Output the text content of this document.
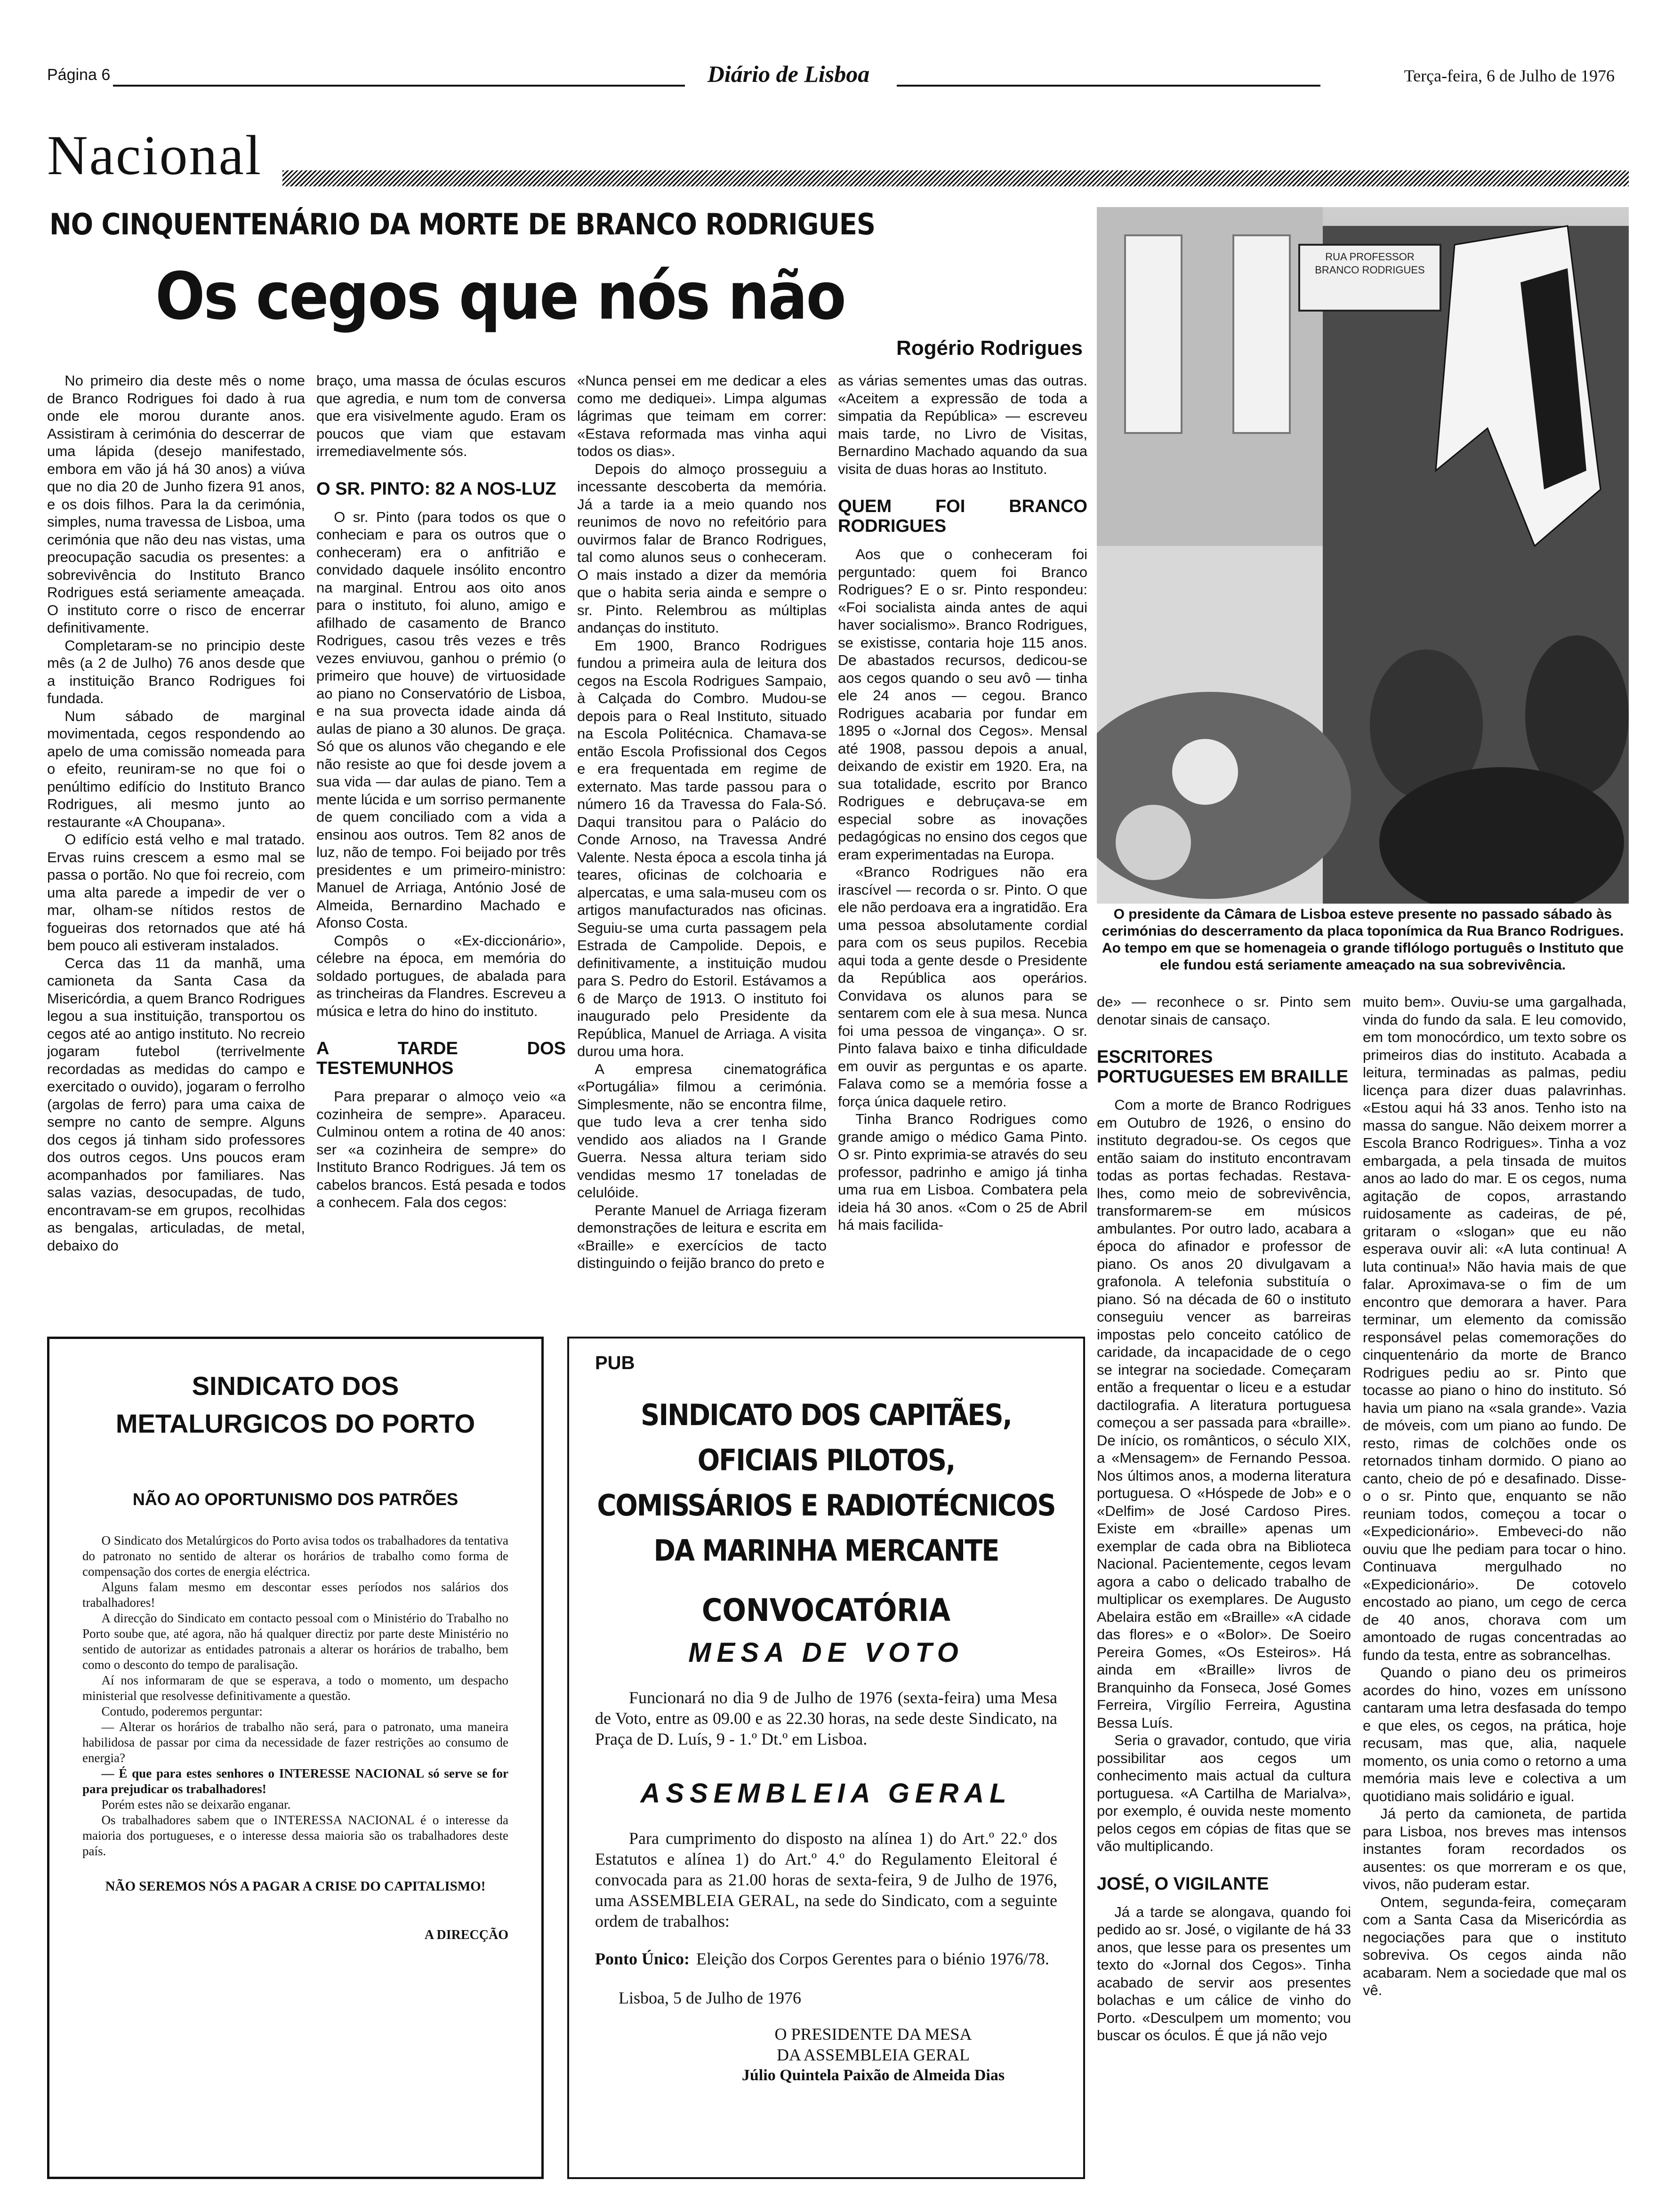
Página 6	Diário de Lisboa	Terça-feira, 6 de Julho de 1976
Nacional
NO CINQUENTENÁRIO DA MORTE DE BRANCO RODRIGUES
Os cegos que nós não
Rogério Rodrigues

No primeiro dia deste mês o nome de Branco Rodrigues foi dado à rua onde ele morou durante anos. Assistiram à cerimónia do descerrar de uma lápida (desejo manifestado, embora em vão já há 30 anos) a viúva que no dia 20 de Junho fizera 91 anos, e os dois filhos. Para la da cerimónia, simples, numa travessa de Lisboa, uma cerimónia que não deu nas vistas, uma preocupação sacudia os presentes: a sobrevivência do Instituto Branco Rodrigues está seriamente ameaçada. O instituto corre o risco de encerrar definitivamente.

Completaram-se no principio deste mês (a 2 de Julho) 76 anos desde que a instituição Branco Rodrigues foi fundada.

Num sábado de marginal movimentada, cegos respondendo ao apelo de uma comissão nomeada para o efeito, reuniram-se no que foi o penúltimo edifício do Instituto Branco Rodrigues, ali mesmo junto ao restaurante «A Choupana».

O edifício está velho e mal tratado. Ervas ruins crescem a esmo mal se passa o portão. No que foi recreio, com uma alta parede a impedir de ver o mar, olham-se nítidos restos de fogueiras dos retornados que até há bem pouco ali estiveram instalados.

Cerca das 11 da manhã, uma camioneta da Santa Casa da Misericórdia, a quem Branco Rodrigues legou a sua instituição, transportou os cegos até ao antigo instituto. No recreio jogaram futebol (terrivelmente recordadas as medidas do campo e exercitado o ouvido), jogaram o ferrolho (argolas de ferro) para uma caixa de sempre no canto de sempre. Alguns dos cegos já tinham sido professores dos outros cegos. Uns poucos eram acompanhados por familiares. Nas salas vazias, desocupadas, de tudo, encontravam-se em grupos, recolhidas as bengalas, articuladas, de metal, debaixo do

braço, uma massa de óculas escuros que agredia, e num tom de conversa que era visivelmente agudo. Eram os poucos que viam que estavam irremediavelmente sós.

O SR. PINTO: 82 A NOS-LUZ

O sr. Pinto (para todos os que o conheciam e para os outros que o conheceram) era o anfitrião e convidado daquele insólito encontro na marginal. Entrou aos oito anos para o instituto, foi aluno, amigo e afilhado de casamento de Branco Rodrigues, casou três vezes e três vezes enviuvou, ganhou o prémio (o primeiro que houve) de virtuosidade ao piano no Conservatório de Lisboa, e na sua provecta idade ainda dá aulas de piano a 30 alunos. De graça. Só que os alunos vão chegando e ele não resiste ao que foi desde jovem a sua vida — dar aulas de piano. Tem a mente lúcida e um sorriso permanente de quem conciliado com a vida a ensinou aos outros. Tem 82 anos de luz, não de tempo. Foi beijado por três presidentes e um primeiro-ministro: Manuel de Arriaga, António José de Almeida, Bernardino Machado e Afonso Costa.

Compôs o «Ex-diccionário», célebre na época, em memória do soldado portugues, de abalada para as trincheiras da Flandres. Escreveu a música e letra do hino do instituto.

A TARDE DOS TESTEMUNHOS

Para preparar o almoço veio «a cozinheira de sempre». Aparaceu. Culminou ontem a rotina de 40 anos: ser «a cozinheira de sempre» do Instituto Branco Rodrigues. Já tem os cabelos brancos. Está pesada e todos a conhecem. Fala dos cegos:

«Nunca pensei em me dedicar a eles como me dediquei». Limpa algumas lágrimas que teimam em correr: «Estava reformada mas vinha aqui todos os dias».

Depois do almoço prosseguiu a incessante descoberta da memória. Já a tarde ia a meio quando nos reunimos de novo no refeitório para ouvirmos falar de Branco Rodrigues, tal como alunos seus o conheceram. O mais instado a dizer da memória que o habita seria ainda e sempre o sr. Pinto. Relembrou as múltiplas andanças do instituto.

Em 1900, Branco Rodrigues fundou a primeira aula de leitura dos cegos na Escola Rodrigues Sampaio, à Calçada do Combro. Mudou-se depois para o Real Instituto, situado na Escola Politécnica. Chamava-se então Escola Profissional dos Cegos e era frequentada em regime de externato. Mas tarde passou para o número 16 da Travessa do Fala-Só. Daqui transitou para o Palácio do Conde Arnoso, na Travessa André Valente. Nesta época a escola tinha já teares, oficinas de colchoaria e alpercatas, e uma sala-museu com os artigos manufacturados nas oficinas. Seguiu-se uma curta passagem pela Estrada de Campolide. Depois, e definitivamente, a instituição mudou para S. Pedro do Estoril. Estávamos a 6 de Março de 1913. O instituto foi inaugurado pelo Presidente da República, Manuel de Arriaga. A visita durou uma hora.

A empresa cinematográfica «Portugália» filmou a cerimónia. Simplesmente, não se encontra filme, que tudo leva a crer tenha sido vendido aos aliados na I Grande Guerra. Nessa altura teriam sido vendidas mesmo 17 toneladas de celulóide.

Perante Manuel de Arriaga fizeram demonstrações de leitura e escrita em «Braille» e exercícios de tacto distinguindo o feijão branco do preto e

as várias sementes umas das outras. «Aceitem a expressão de toda a simpatia da República» — escreveu mais tarde, no Livro de Visitas, Bernardino Machado aquando da sua visita de duas horas ao Instituto.

QUEM FOI BRANCO RODRIGUES

Aos que o conheceram foi perguntado: quem foi Branco Rodrigues? E o sr. Pinto respondeu: «Foi socialista ainda antes de aqui haver socialismo». Branco Rodrigues, se existisse, contaria hoje 115 anos. De abastados recursos, dedicou-se aos cegos quando o seu avô — tinha ele 24 anos — cegou. Branco Rodrigues acabaria por fundar em 1895 o «Jornal dos Cegos». Mensal até 1908, passou depois a anual, deixando de existir em 1920. Era, na sua totalidade, escrito por Branco Rodrigues e debruçava-se em especial sobre as inovações pedagógicas no ensino dos cegos que eram experimentadas na Europa.

«Branco Rodrigues não era irascível — recorda o sr. Pinto. O que ele não perdoava era a ingratidão. Era uma pessoa absolutamente cordial para com os seus pupilos. Recebia aqui toda a gente desde o Presidente da República aos operários. Convidava os alunos para se sentarem com ele à sua mesa. Nunca foi uma pessoa de vingança». O sr. Pinto falava baixo e tinha dificuldade em ouvir as perguntas e os aparte. Falava como se a memória fosse a força única daquele retiro.

Tinha Branco Rodrigues como grande amigo o médico Gama Pinto. O sr. Pinto exprimia-se através do seu professor, padrinho e amigo já tinha uma rua em Lisboa. Combatera pela ideia há 30 anos. «Com o 25 de Abril há mais facilida-

RUA PROFESSOR BRANCO RODRIGUES
O presidente da Câmara de Lisboa esteve presente no passado sábado às cerimónias do descerramento da placa toponímica da Rua Branco Rodrigues. Ao tempo em que se homenageia o grande tiflólogo português o Instituto que ele fundou está seriamente ameaçado na sua sobrevivência.

de» — reconhece o sr. Pinto sem denotar sinais de cansaço.

ESCRITORES PORTUGUESES EM BRAILLE

Com a morte de Branco Rodrigues em Outubro de 1926, o ensino do instituto degradou-se. Os cegos que então saiam do instituto encontravam todas as portas fechadas. Restava-lhes, como meio de sobrevivência, transformarem-se em músicos ambulantes. Por outro lado, acabara a época do afinador e professor de piano. Os anos 20 divulgavam a grafonola. A telefonia substituía o piano. Só na década de 60 o instituto conseguiu vencer as barreiras impostas pelo conceito católico de caridade, da incapacidade de o cego se integrar na sociedade. Começaram então a frequentar o liceu e a estudar dactilografia. A literatura portuguesa começou a ser passada para «braille». De início, os românticos, o século XIX, a «Mensagem» de Fernando Pessoa. Nos últimos anos, a moderna literatura portuguesa. O «Hóspede de Job» e o «Delfim» de José Cardoso Pires. Existe em «braille» apenas um exemplar de cada obra na Biblioteca Nacional. Pacientemente, cegos levam agora a cabo o delicado trabalho de multiplicar os exemplares. De Augusto Abelaira estão em «Braille» «A cidade das flores» e o «Bolor». De Soeiro Pereira Gomes, «Os Esteiros». Há ainda em «Braille» livros de Branquinho da Fonseca, José Gomes Ferreira, Virgílio Ferreira, Agustina Bessa Luís.

Seria o gravador, contudo, que viria possibilitar aos cegos um conhecimento mais actual da cultura portuguesa. «A Cartilha de Marialva», por exemplo, é ouvida neste momento pelos cegos em cópias de fitas que se vão multiplicando.

JOSÉ, O VIGILANTE

Já a tarde se alongava, quando foi pedido ao sr. José, o vigilante de há 33 anos, que lesse para os presentes um texto do «Jornal dos Cegos». Tinha acabado de servir aos presentes bolachas e um cálice de vinho do Porto. «Desculpem um momento; vou buscar os óculos. É que já não vejo

muito bem». Ouviu-se uma gargalhada, vinda do fundo da sala. E leu comovido, em tom monocórdico, um texto sobre os primeiros dias do instituto. Acabada a leitura, terminadas as palmas, pediu licença para dizer duas palavrinhas. «Estou aqui há 33 anos. Tenho isto na massa do sangue. Não deixem morrer a Escola Branco Rodrigues». Tinha a voz embargada, a pela tinsada de muitos anos ao lado do mar. E os cegos, numa agitação de copos, arrastando ruidosamente as cadeiras, de pé, gritaram o «slogan» que eu não esperava ouvir ali: «A luta continua! A luta continua!» Não havia mais de que falar. Aproximava-se o fim de um encontro que demorara a haver. Para terminar, um elemento da comissão responsável pelas comemorações do cinquentenário da morte de Branco Rodrigues pediu ao sr. Pinto que tocasse ao piano o hino do instituto. Só havia um piano na «sala grande». Vazia de móveis, com um piano ao fundo. De resto, rimas de colchões onde os retornados tinham dormido. O piano ao canto, cheio de pó e desafinado. Disse-o o sr. Pinto que, enquanto se não reuniam todos, começou a tocar o «Expedicionário». Embeveci-do não ouviu que lhe pediam para tocar o hino. Continuava mergulhado no «Expedicionário». De cotovelo encostado ao piano, um cego de cerca de 40 anos, chorava com um amontoado de rugas concentradas ao fundo da testa, entre as sobrancelhas.

Quando o piano deu os primeiros acordes do hino, vozes em uníssono cantaram uma letra desfasada do tempo e que eles, os cegos, na prática, hoje recusam, mas que, alia, naquele momento, os unia como o retorno a uma memória mais leve e colectiva a um quotidiano mais solidário e igual.

Já perto da camioneta, de partida para Lisboa, nos breves mas intensos instantes foram recordados os ausentes: os que morreram e os que, vivos, não puderam estar.

Ontem, segunda-feira, começaram com a Santa Casa da Misericórdia as negociações para que o instituto sobreviva. Os cegos ainda não acabaram. Nem a sociedade que mal os vê.

SINDICATO DOS METALURGICOS DO PORTO
NÃO AO OPORTUNISMO DOS PATRÕES

O Sindicato dos Metalúrgicos do Porto avisa todos os trabalhadores da tentativa do patronato no sentido de alterar os horários de trabalho como forma de compensação dos cortes de energia eléctrica.

Alguns falam mesmo em descontar esses períodos nos salários dos trabalhadores!

A direcção do Sindicato em contacto pessoal com o Ministério do Trabalho no Porto soube que, até agora, não há qualquer directiz por parte deste Ministério no sentido de autorizar as entidades patronais a alterar os horários de trabalho, bem como o desconto do tempo de paralisação.

Aí nos informaram de que se esperava, a todo o momento, um despacho ministerial que resolvesse definitivamente a questão.

Contudo, poderemos perguntar:

— Alterar os horários de trabalho não será, para o patronato, uma maneira habilidosa de passar por cima da necessidade de fazer restrições ao consumo de energia?

— É que para estes senhores o INTERESSE NACIONAL só serve se for para prejudicar os trabalhadores!

Porém estes não se deixarão enganar.

Os trabalhadores sabem que o INTERESSA NACIONAL é o interesse da maioria dos portugueses, e o interesse dessa maioria são os trabalhadores deste país.

NÃO SEREMOS NÓS A PAGAR A CRISE DO CAPITALISMO!
A DIRECÇÃO
PUB
SINDICATO DOS CAPITÃES, OFICIAIS PILOTOS,
COMISSÁRIOS E RADIOTÉCNICOS
DA MARINHA MERCANTE
CONVOCATÓRIA
MESA DE VOTO
Funcionará no dia 9 de Julho de 1976 (sexta-feira) uma Mesa de Voto, entre as 09.00 e as 22.30 horas, na sede deste Sindicato, na Praça de D. Luís, 9 - 1.º Dt.º em Lisboa.
ASSEMBLEIA GERAL
Para cumprimento do disposto na alínea 1) do Art.º 22.º dos Estatutos e alínea 1) do Art.º 4.º do Regulamento Eleitoral é convocada para as 21.00 horas de sexta-feira, 9 de Julho de 1976, uma ASSEMBLEIA GERAL, na sede do Sindicato, com a seguinte ordem de trabalhos:
Ponto Único: Eleição dos Corpos Gerentes para o biénio 1976/78.
Lisboa, 5 de Julho de 1976
O PRESIDENTE DA MESA
DA ASSEMBLEIA GERAL
Júlio Quintela Paixão de Almeida Dias
